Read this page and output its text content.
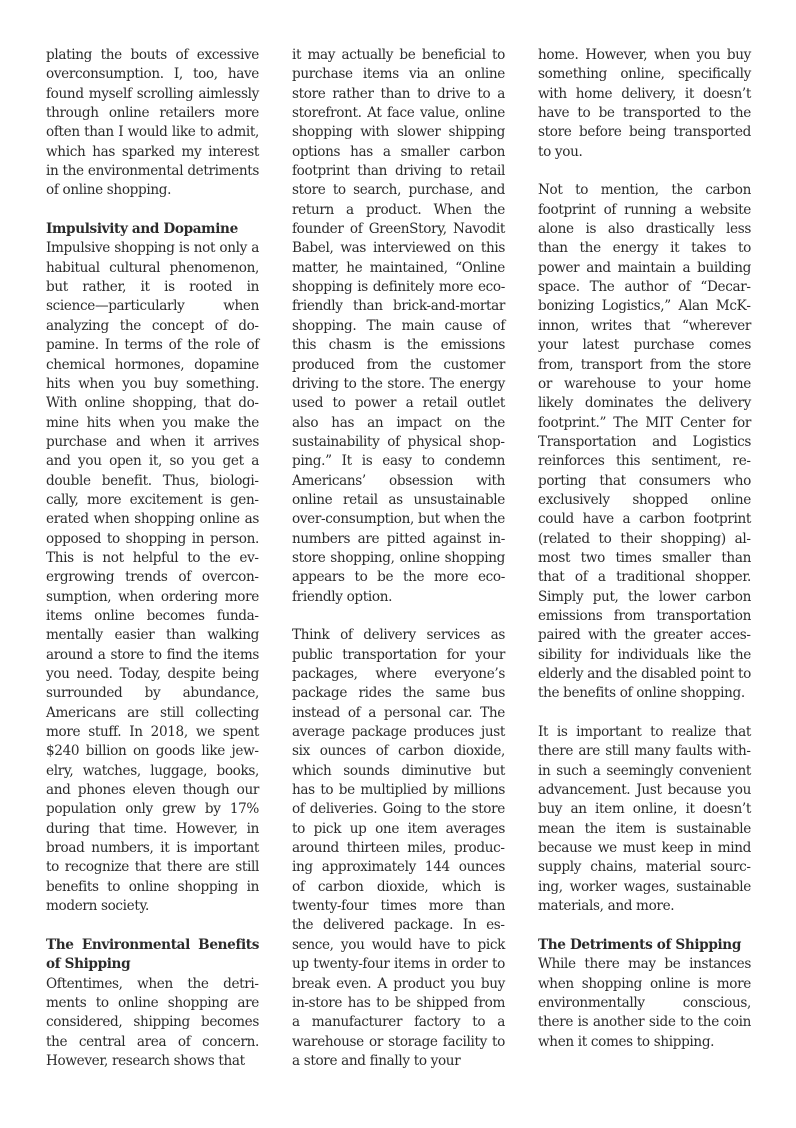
plating the bouts of excessive overconsumption. I, too, have found myself scrolling aimlessly through online retailers more often than I would like to admit, which has sparked my interest in the environmental detriments of online shopping.

Impulsivity and Dopamine

Impulsive shopping is not only a habitual cultural phenomenon, but rather, it is rooted in science—particularly when analyzing the concept of dopamine. In terms of the role of chemical hormones, dopamine hits when you buy something. With online shopping, that domine hits when you make the purchase and when it arrives and you open it, so you get a double benefit. Thus, biologically, more excitement is generated when shopping online as opposed to shopping in person. This is not helpful to the evergrowing trends of overconsumption, when ordering more items online becomes fundamentally easier than walking around a store to find the items you need. Today, despite being surrounded by abundance, Americans are still collecting more stuff. In 2018, we spent $240 billion on goods like jewelry, watches, luggage, books, and phones eleven though our population only grew by 17% during that time. However, in broad numbers, it is important to recognize that there are still benefits to online shopping in modern society.

The Environmental Benefits of Shipping

Oftentimes, when the detriments to online shopping are considered, shipping becomes the central area of concern. However, research shows that

it may actually be beneficial to purchase items via an online store rather than to drive to a storefront. At face value, online shopping with slower shipping options has a smaller carbon footprint than driving to retail store to search, purchase, and return a product. When the founder of GreenStory, Navodit Babel, was interviewed on this matter, he maintained, “Online shopping is definitely more eco-friendly than brick-and-mortar shopping. The main cause of this chasm is the emissions produced from the customer driving to the store. The energy used to power a retail outlet also has an impact on the sustainability of physical shopping.” It is easy to condemn Americans’ obsession with online retail as unsustainable over-consumption, but when the numbers are pitted against in-store shopping, online shopping appears to be the more eco-friendly option.

Think of delivery services as public transportation for your packages, where everyone’s package rides the same bus instead of a personal car. The average package produces just six ounces of carbon dioxide, which sounds diminutive but has to be multiplied by millions of deliveries. Going to the store to pick up one item averages around thirteen miles, producing approximately 144 ounces of carbon dioxide, which is twenty-four times more than the delivered package. In essence, you would have to pick up twenty-four items in order to break even. A product you buy in-store has to be shipped from a manufacturer factory to a warehouse or storage facility to a store and finally to your

home. However, when you buy something online, specifically with home delivery, it doesn’t have to be transported to the store before being transported to you.

Not to mention, the carbon footprint of running a website alone is also drastically less than the energy it takes to power and maintain a building space. The author of “Decarbonizing Logistics,” Alan McKinnon, writes that “wherever your latest purchase comes from, transport from the store or warehouse to your home likely dominates the delivery footprint.” The MIT Center for Transportation and Logistics reinforces this sentiment, reporting that consumers who exclusively shopped online could have a carbon footprint (related to their shopping) almost two times smaller than that of a traditional shopper. Simply put, the lower carbon emissions from transportation paired with the greater accessibility for individuals like the elderly and the disabled point to the benefits of online shopping.

It is important to realize that there are still many faults within such a seemingly convenient advancement. Just because you buy an item online, it doesn’t mean the item is sustainable because we must keep in mind supply chains, material sourcing, worker wages, sustainable materials, and more.

The Detriments of Shipping

While there may be instances when shopping online is more environmentally conscious, there is another side to the coin when it comes to shipping.
